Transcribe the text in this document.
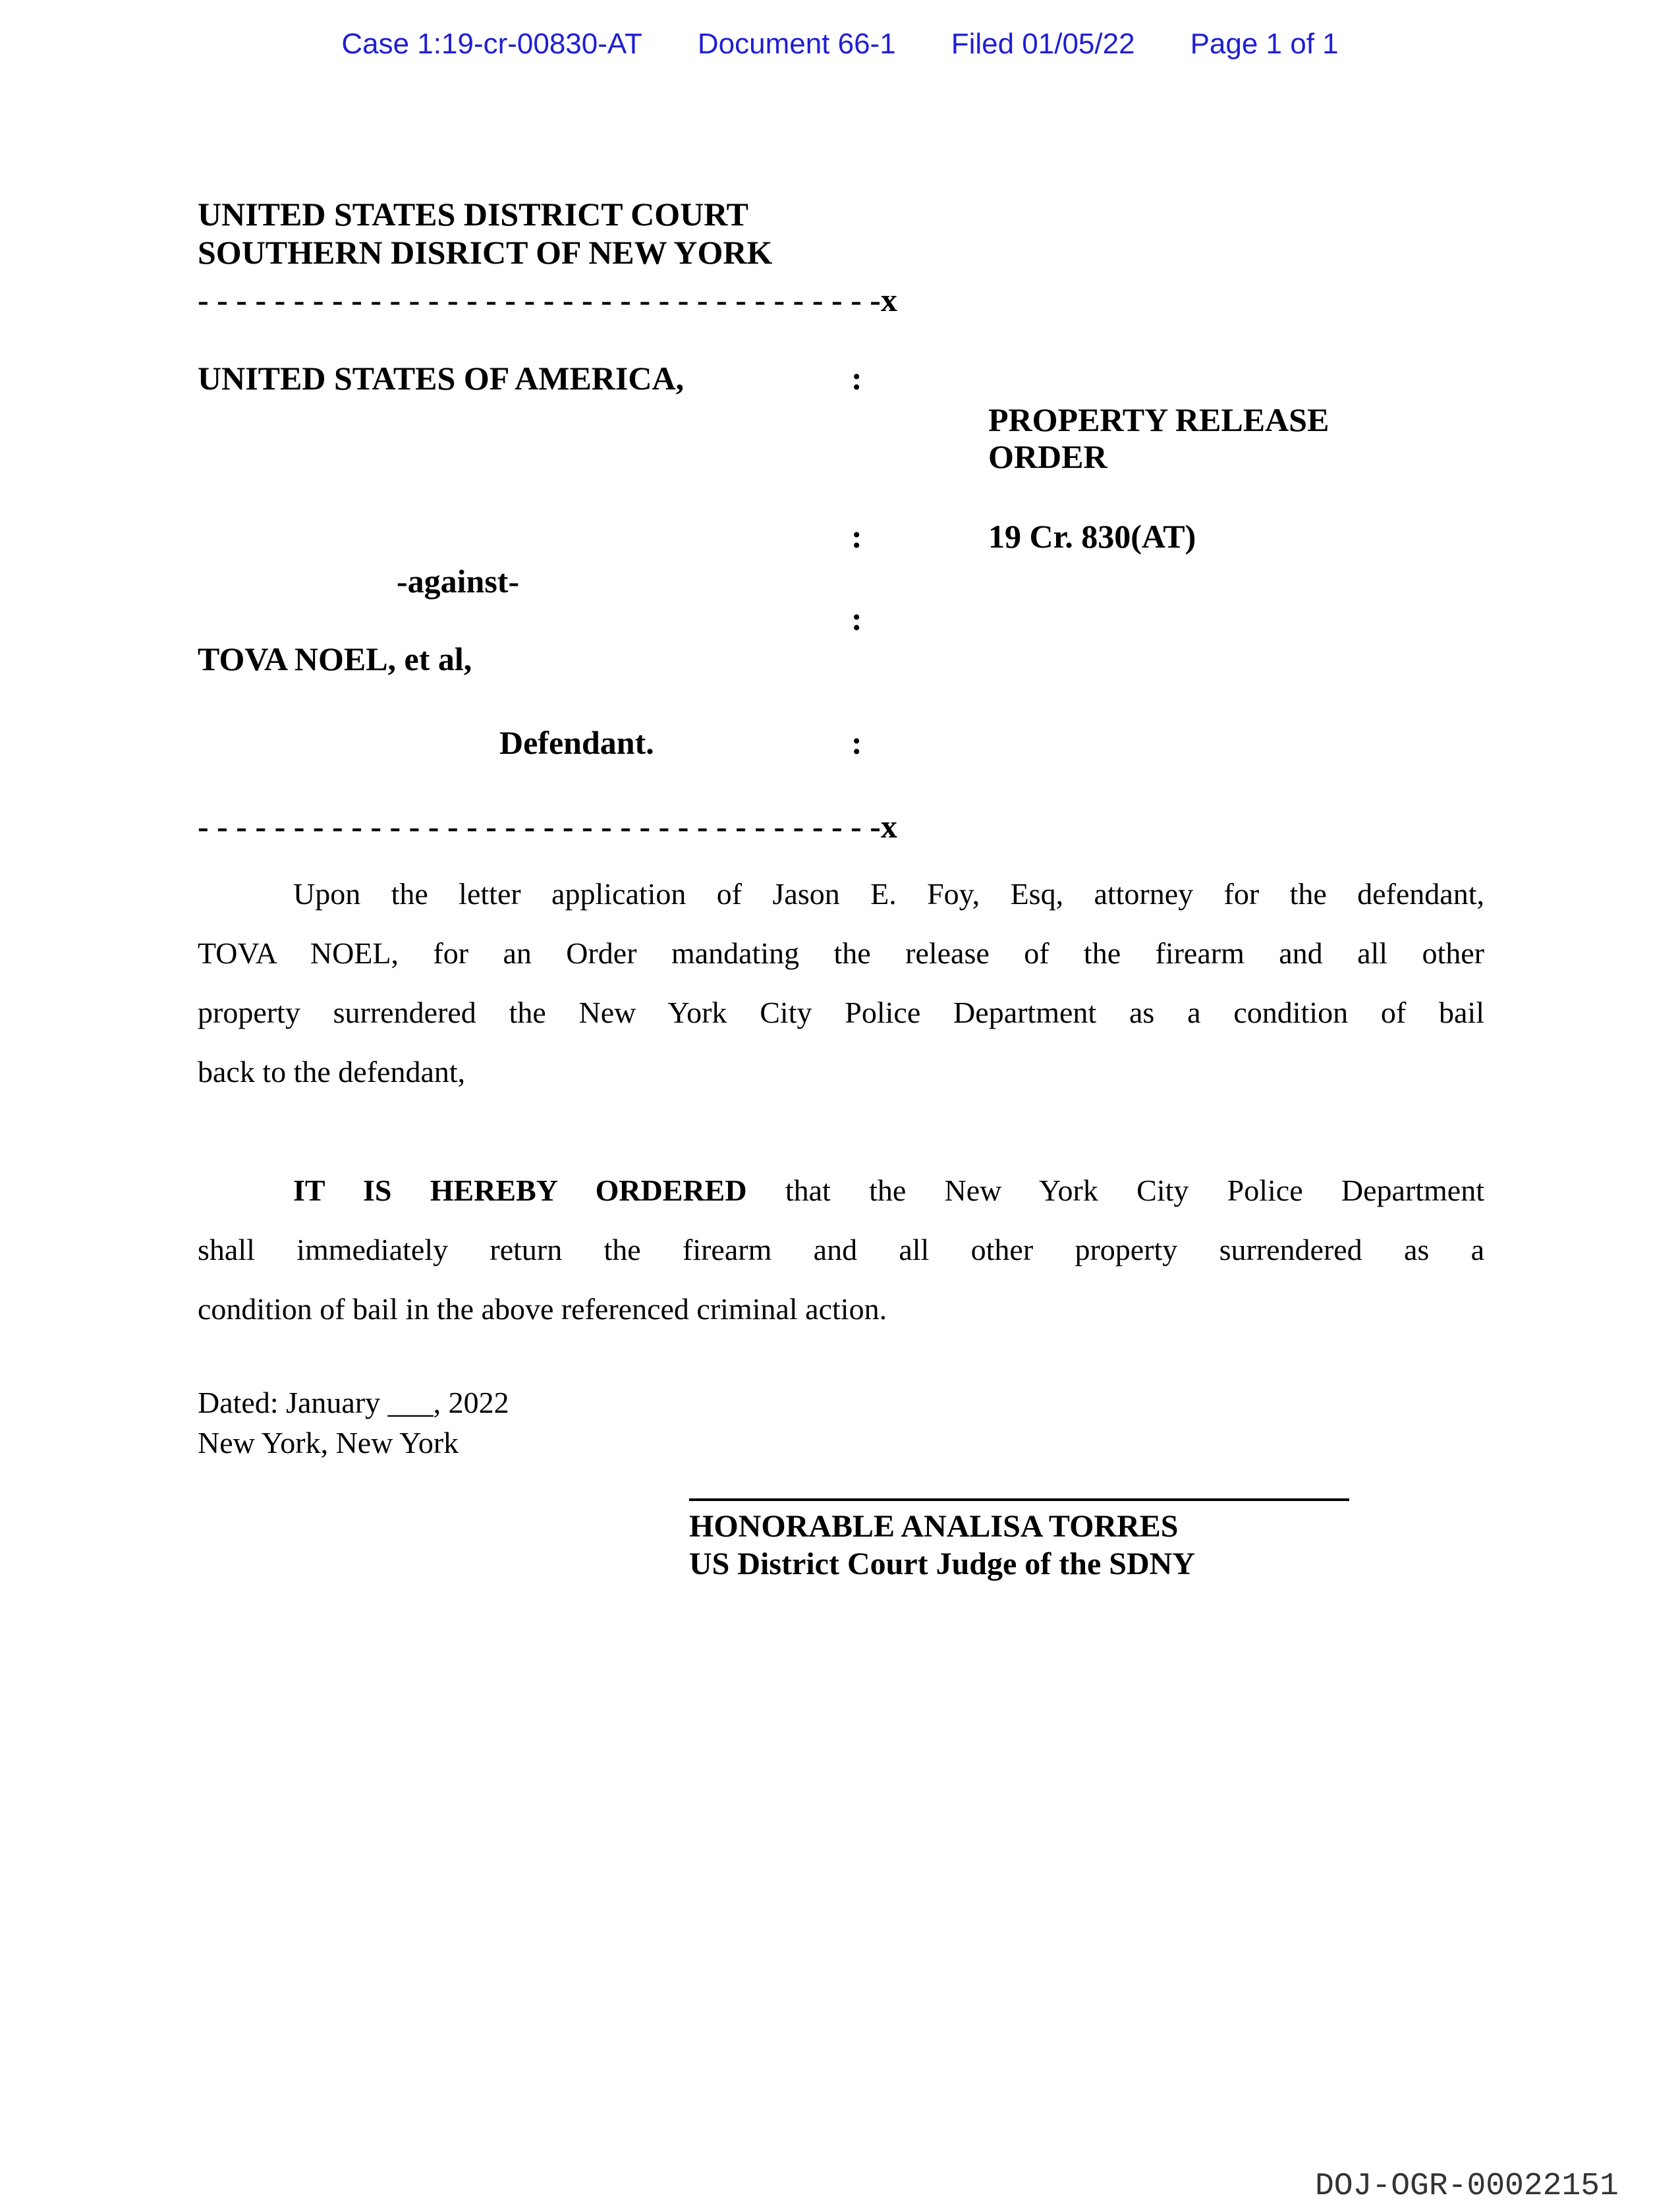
Case 1:19-cr-00830-AT Document 66-1 Filed 01/05/22 Page 1 of 1
UNITED STATES DISTRICT COURT
SOUTHERN DISRICT OF NEW YORK
- - - - - - - - - - - - - - - - - - - - - - - - - - - - - - - - - - - -x
UNITED STATES OF AMERICA,	:
PROPERTY RELEASE
ORDER
:	19 Cr. 830(AT)
-against-
:
TOVA NOEL, et al,
Defendant.	:
- - - - - - - - - - - - - - - - - - - - - - - - - - - - - - - - - - - -x
Upon the letter application of Jason E. Foy, Esq, attorney for the defendant,
TOVA NOEL, for an Order mandating the release of the firearm and all other
property surrendered the New York City Police Department as a condition of bail
back to the defendant,
IT IS HEREBY ORDERED that the New York City Police Department
shall immediately return the firearm and all other property surrendered as a
condition of bail in the above referenced criminal action.
Dated: January ___, 2022
New York, New York
HONORABLE ANALISA TORRES
US District Court Judge of the SDNY
DOJ-OGR-00022151
